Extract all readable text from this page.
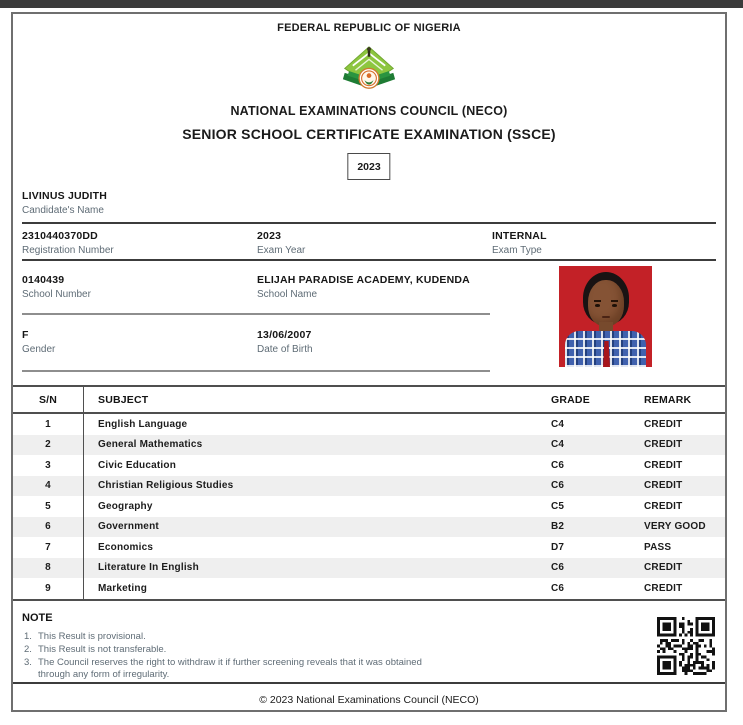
FEDERAL REPUBLIC OF NIGERIA
NATIONAL EXAMINATIONS COUNCIL (NECO)
SENIOR SCHOOL CERTIFICATE EXAMINATION (SSCE)
2023
LIVINUS JUDITH
Candidate's Name
2310440370DD
Registration Number
2023
Exam Year
INTERNAL
Exam Type
0140439
School Number
ELIJAH PARADISE ACADEMY, KUDENDA
School Name
F
Gender
13/06/2007
Date of Birth
S/N	SUBJECT	GRADE	REMARK
1	English Language	C4	CREDIT
2	General Mathematics	C4	CREDIT
3	Civic Education	C6	CREDIT
4	Christian Religious Studies	C6	CREDIT
5	Geography	C5	CREDIT
6	Government	B2	VERY GOOD
7	Economics	D7	PASS
8	Literature In English	C6	CREDIT
9	Marketing	C6	CREDIT
NOTE
1. This Result is provisional.
2. This Result is not transferable.
3. The Council reserves the right to withdraw it if further screening reveals that it was obtained through any form of irregularity.
© 2023 National Examinations Council (NECO)
